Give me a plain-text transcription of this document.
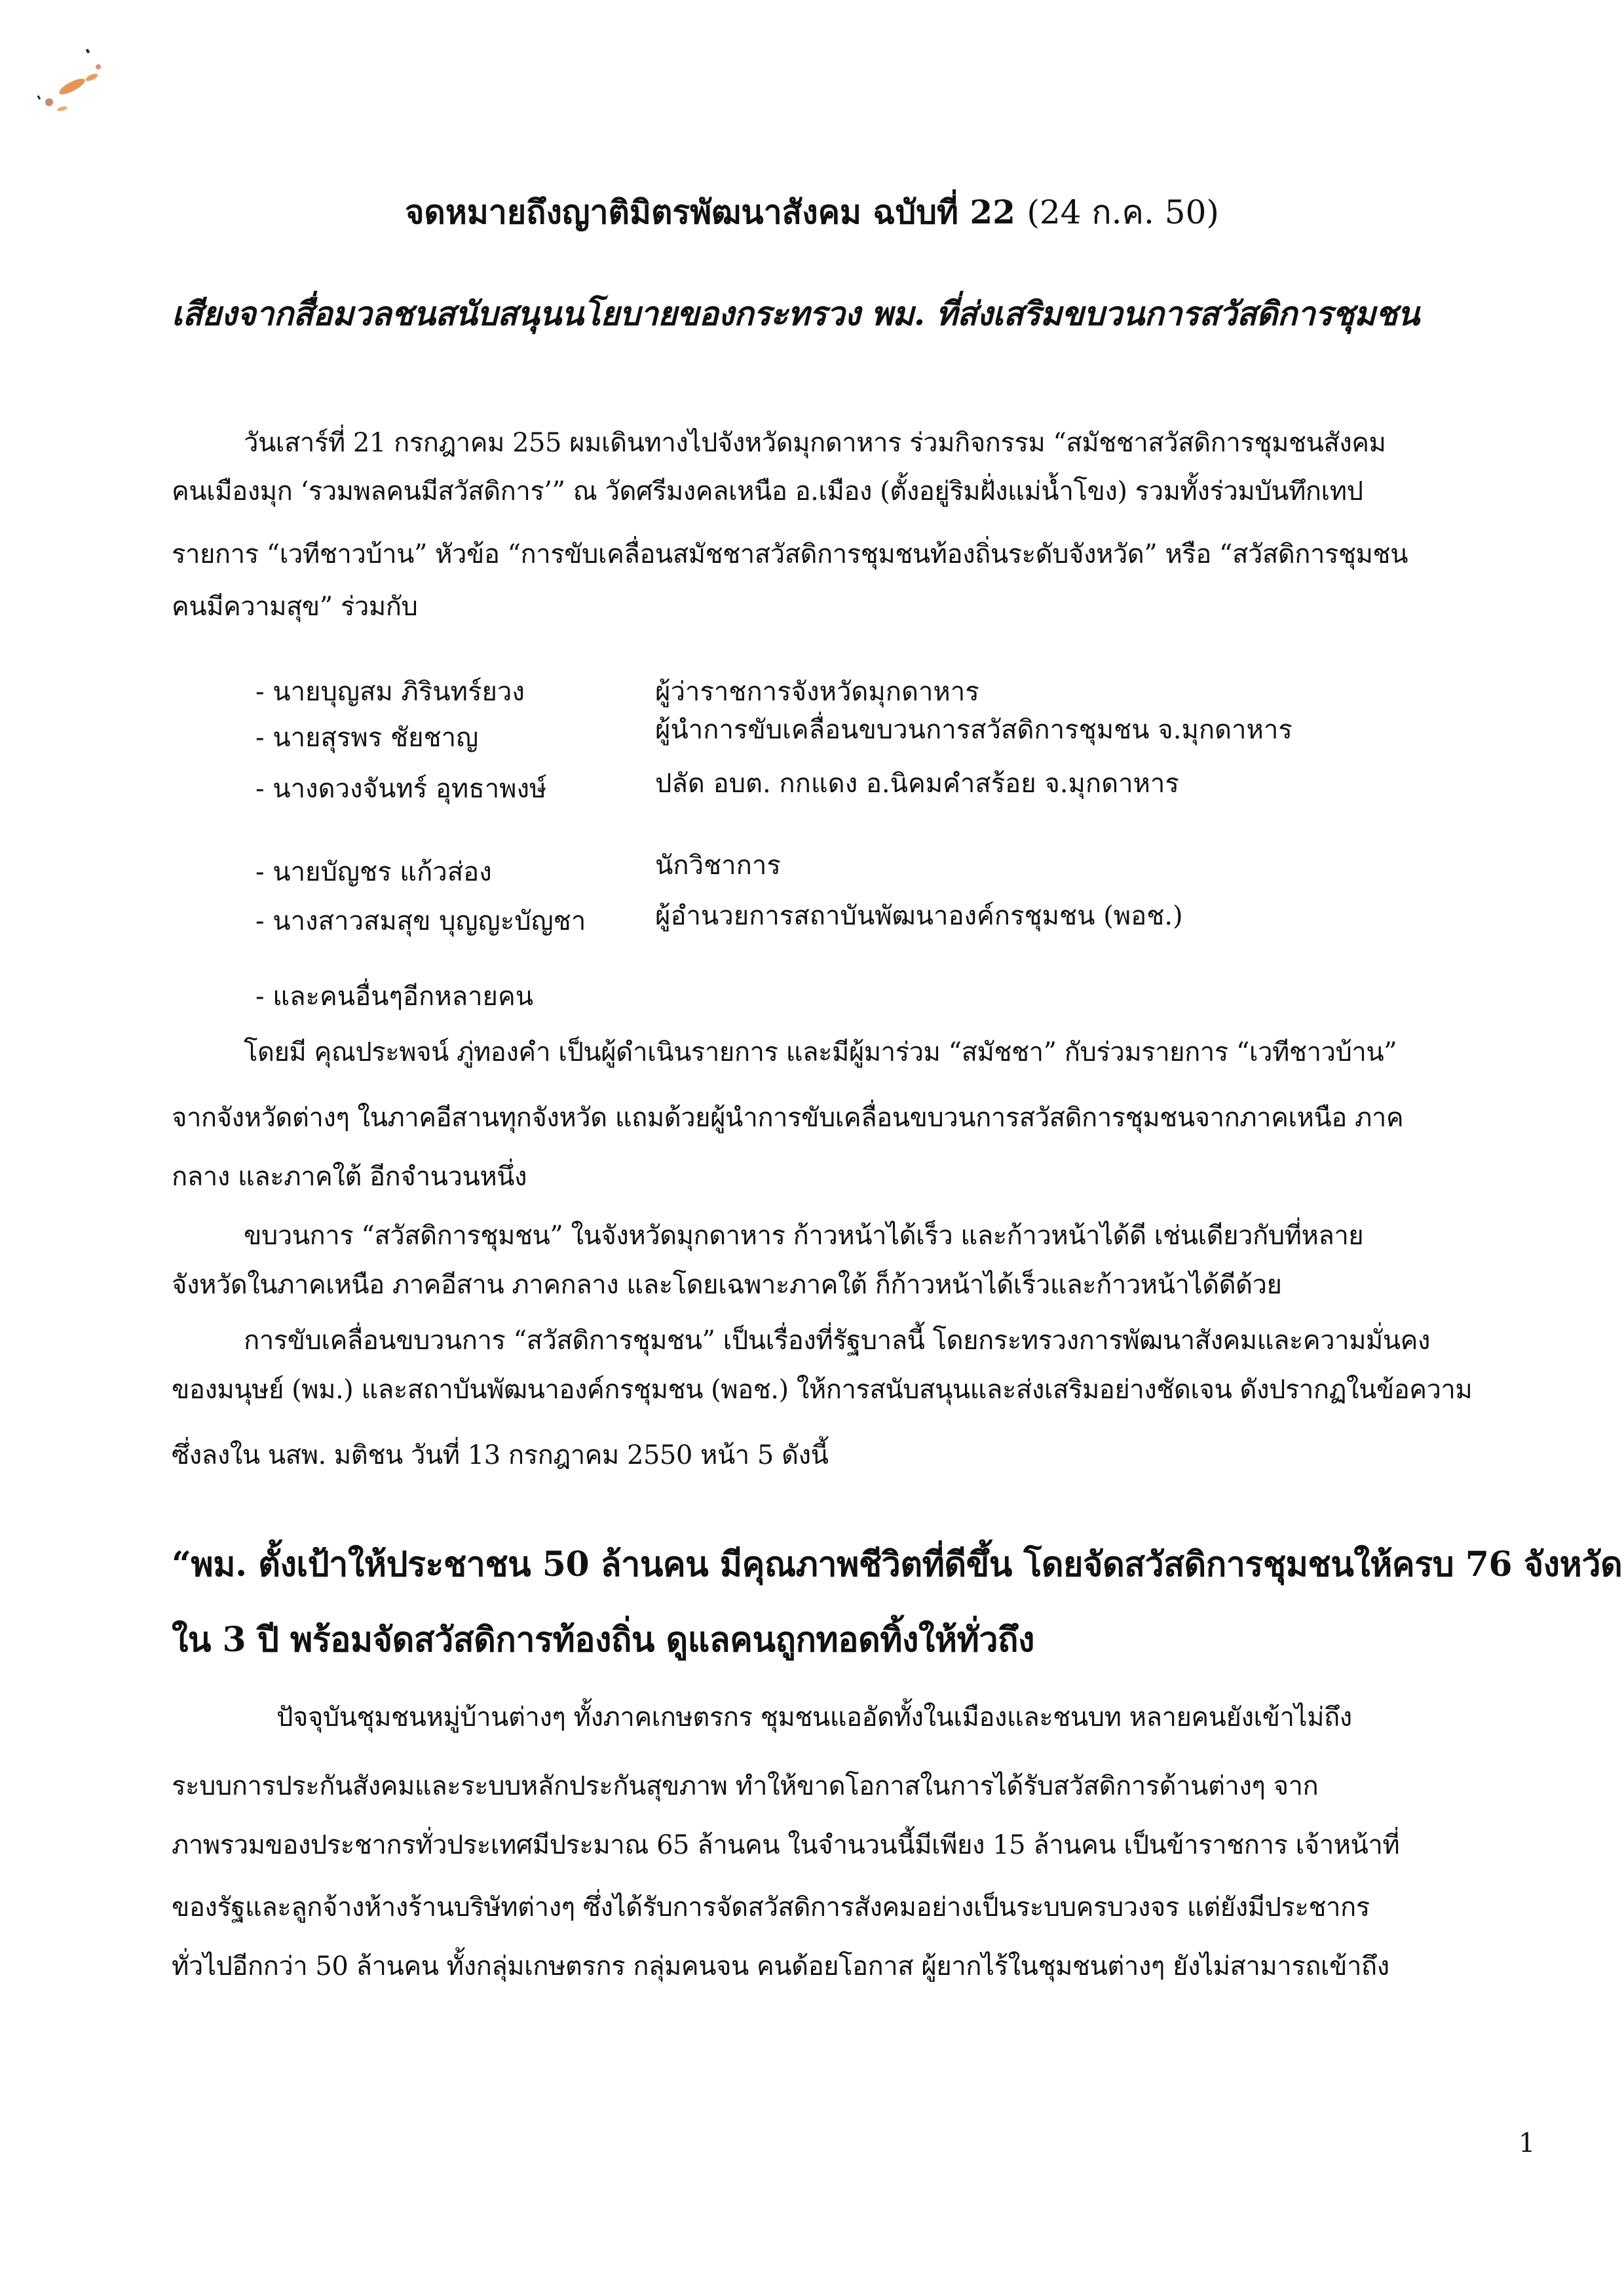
จดหมายถึงญาติมิตรพัฒนาสังคม ฉบับที่ 22 (24 ก.ค. 50)
เสียงจากสื่อมวลชนสนับสนุนนโยบายของกระทรวง พม. ที่ส่งเสริมขบวนการสวัสดิการชุมชน
วันเสาร์ที่ 21 กรกฎาคม 255 ผมเดินทางไปจังหวัดมุกดาหาร ร่วมกิจกรรม “สมัชชาสวัสดิการชุมชนสังคม
คนเมืองมุก ‘รวมพลคนมีสวัสดิการ’” ณ วัดศรีมงคลเหนือ อ.เมือง (ตั้งอยู่ริมฝั่งแม่น้ำโขง) รวมทั้งร่วมบันทึกเทป
รายการ “เวทีชาวบ้าน” หัวข้อ “การขับเคลื่อนสมัชชาสวัสดิการชุมชนท้องถิ่นระดับจังหวัด” หรือ “สวัสดิการชุมชน
คนมีความสุข” ร่วมกับ
- นายบุญสม ภิรินทร์ยวง	ผู้ว่าราชการจังหวัดมุกดาหาร
- นายสุรพร ชัยชาญ	ผู้นำการขับเคลื่อนขบวนการสวัสดิการชุมชน จ.มุกดาหาร
- นางดวงจันทร์ อุทธาพงษ์	ปลัด อบต. กกแดง อ.นิคมคำสร้อย จ.มุกดาหาร
- นายบัญชร แก้วส่อง	นักวิชาการ
- นางสาวสมสุข บุญญะบัญชา	ผู้อำนวยการสถาบันพัฒนาองค์กรชุมชน (พอช.)
- และคนอื่นๆอีกหลายคน
โดยมี คุณประพจน์ ภู่ทองคำ เป็นผู้ดำเนินรายการ และมีผู้มาร่วม “สมัชชา” กับร่วมรายการ “เวทีชาวบ้าน”
จากจังหวัดต่างๆ ในภาคอีสานทุกจังหวัด แถมด้วยผู้นำการขับเคลื่อนขบวนการสวัสดิการชุมชนจากภาคเหนือ ภาค
กลาง และภาคใต้ อีกจำนวนหนึ่ง
ขบวนการ “สวัสดิการชุมชน” ในจังหวัดมุกดาหาร ก้าวหน้าได้เร็ว และก้าวหน้าได้ดี เช่นเดียวกับที่หลาย
จังหวัดในภาคเหนือ ภาคอีสาน ภาคกลาง และโดยเฉพาะภาคใต้ ก็ก้าวหน้าได้เร็วและก้าวหน้าได้ดีด้วย
การขับเคลื่อนขบวนการ “สวัสดิการชุมชน” เป็นเรื่องที่รัฐบาลนี้ โดยกระทรวงการพัฒนาสังคมและความมั่นคง
ของมนุษย์ (พม.) และสถาบันพัฒนาองค์กรชุมชน (พอช.) ให้การสนับสนุนและส่งเสริมอย่างชัดเจน ดังปรากฏในข้อความ
ซึ่งลงใน นสพ. มติชน วันที่ 13 กรกฎาคม 2550 หน้า 5 ดังนี้
“พม. ตั้งเป้าให้ประชาชน 50 ล้านคน มีคุณภาพชีวิตที่ดีขึ้น โดยจัดสวัสดิการชุมชนให้ครบ 76 จังหวัด
ใน 3 ปี พร้อมจัดสวัสดิการท้องถิ่น ดูแลคนถูกทอดทิ้งให้ทั่วถึง
ปัจจุบันชุมชนหมู่บ้านต่างๆ ทั้งภาคเกษตรกร ชุมชนแออัดทั้งในเมืองและชนบท หลายคนยังเข้าไม่ถึง
ระบบการประกันสังคมและระบบหลักประกันสุขภาพ ทำให้ขาดโอกาสในการได้รับสวัสดิการด้านต่างๆ จาก
ภาพรวมของประชากรทั่วประเทศมีประมาณ 65 ล้านคน ในจำนวนนี้มีเพียง 15 ล้านคน เป็นข้าราชการ เจ้าหน้าที่
ของรัฐและลูกจ้างห้างร้านบริษัทต่างๆ ซึ่งได้รับการจัดสวัสดิการสังคมอย่างเป็นระบบครบวงจร แต่ยังมีประชากร
ทั่วไปอีกกว่า 50 ล้านคน ทั้งกลุ่มเกษตรกร กลุ่มคนจน คนด้อยโอกาส ผู้ยากไร้ในชุมชนต่างๆ ยังไม่สามารถเข้าถึง
1
